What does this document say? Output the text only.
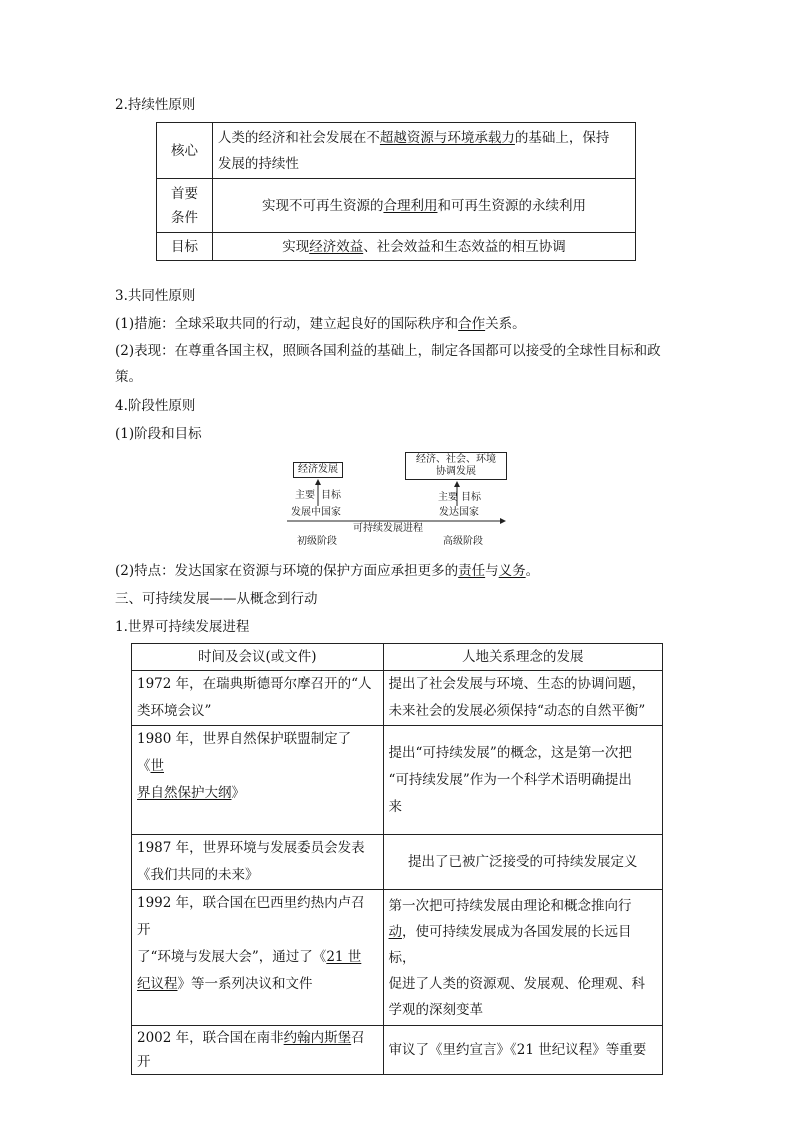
2.持续性原则
核心	人类的经济和社会发展在不超越资源与环境承载力的基础上，保持
发展的持续性
首要
条件	实现不可再生资源的合理利用和可再生资源的永续利用
目标	实现经济效益、社会效益和生态效益的相互协调
3.共同性原则
(1)措施：全球采取共同的行动，建立起良好的国际秩序和合作关系。
(2)表现：在尊重各国主权，照顾各国利益的基础上，制定各国都可以接受的全球性目标和政
策。
4.阶段性原则
(1)阶段和目标
经济发展
经济、社会、环境
协调发展
主要 目标	主要 目标
发展中国家	发达国家
可持续发展进程
初级阶段	高级阶段
(2)特点：发达国家在资源与环境的保护方面应承担更多的责任与义务。
三、可持续发展——从概念到行动
1.世界可持续发展进程
时间及会议(或文件)	人地关系理念的发展
1972 年，在瑞典斯德哥尔摩召开的“人
类环境会议”	提出了社会发展与环境、生态的协调问题，
未来社会的发展必须保持“动态的自然平衡”
1980 年，世界自然保护联盟制定了《世
界自然保护大纲》	提出“可持续发展”的概念，这是第一次把
“可持续发展”作为一个科学术语明确提出
来
1987 年，世界环境与发展委员会发表
《我们共同的未来》	提出了已被广泛接受的可持续发展定义
1992 年，联合国在巴西里约热内卢召开
了“环境与发展大会”，通过了《21 世
纪议程》等一系列决议和文件	第一次把可持续发展由理论和概念推向行
动，使可持续发展成为各国发展的长远目标，
促进了人类的资源观、发展观、伦理观、科
学观的深刻变革
2002 年，联合国在南非约翰内斯堡召开	审议了《里约宣言》《21 世纪议程》等重要
